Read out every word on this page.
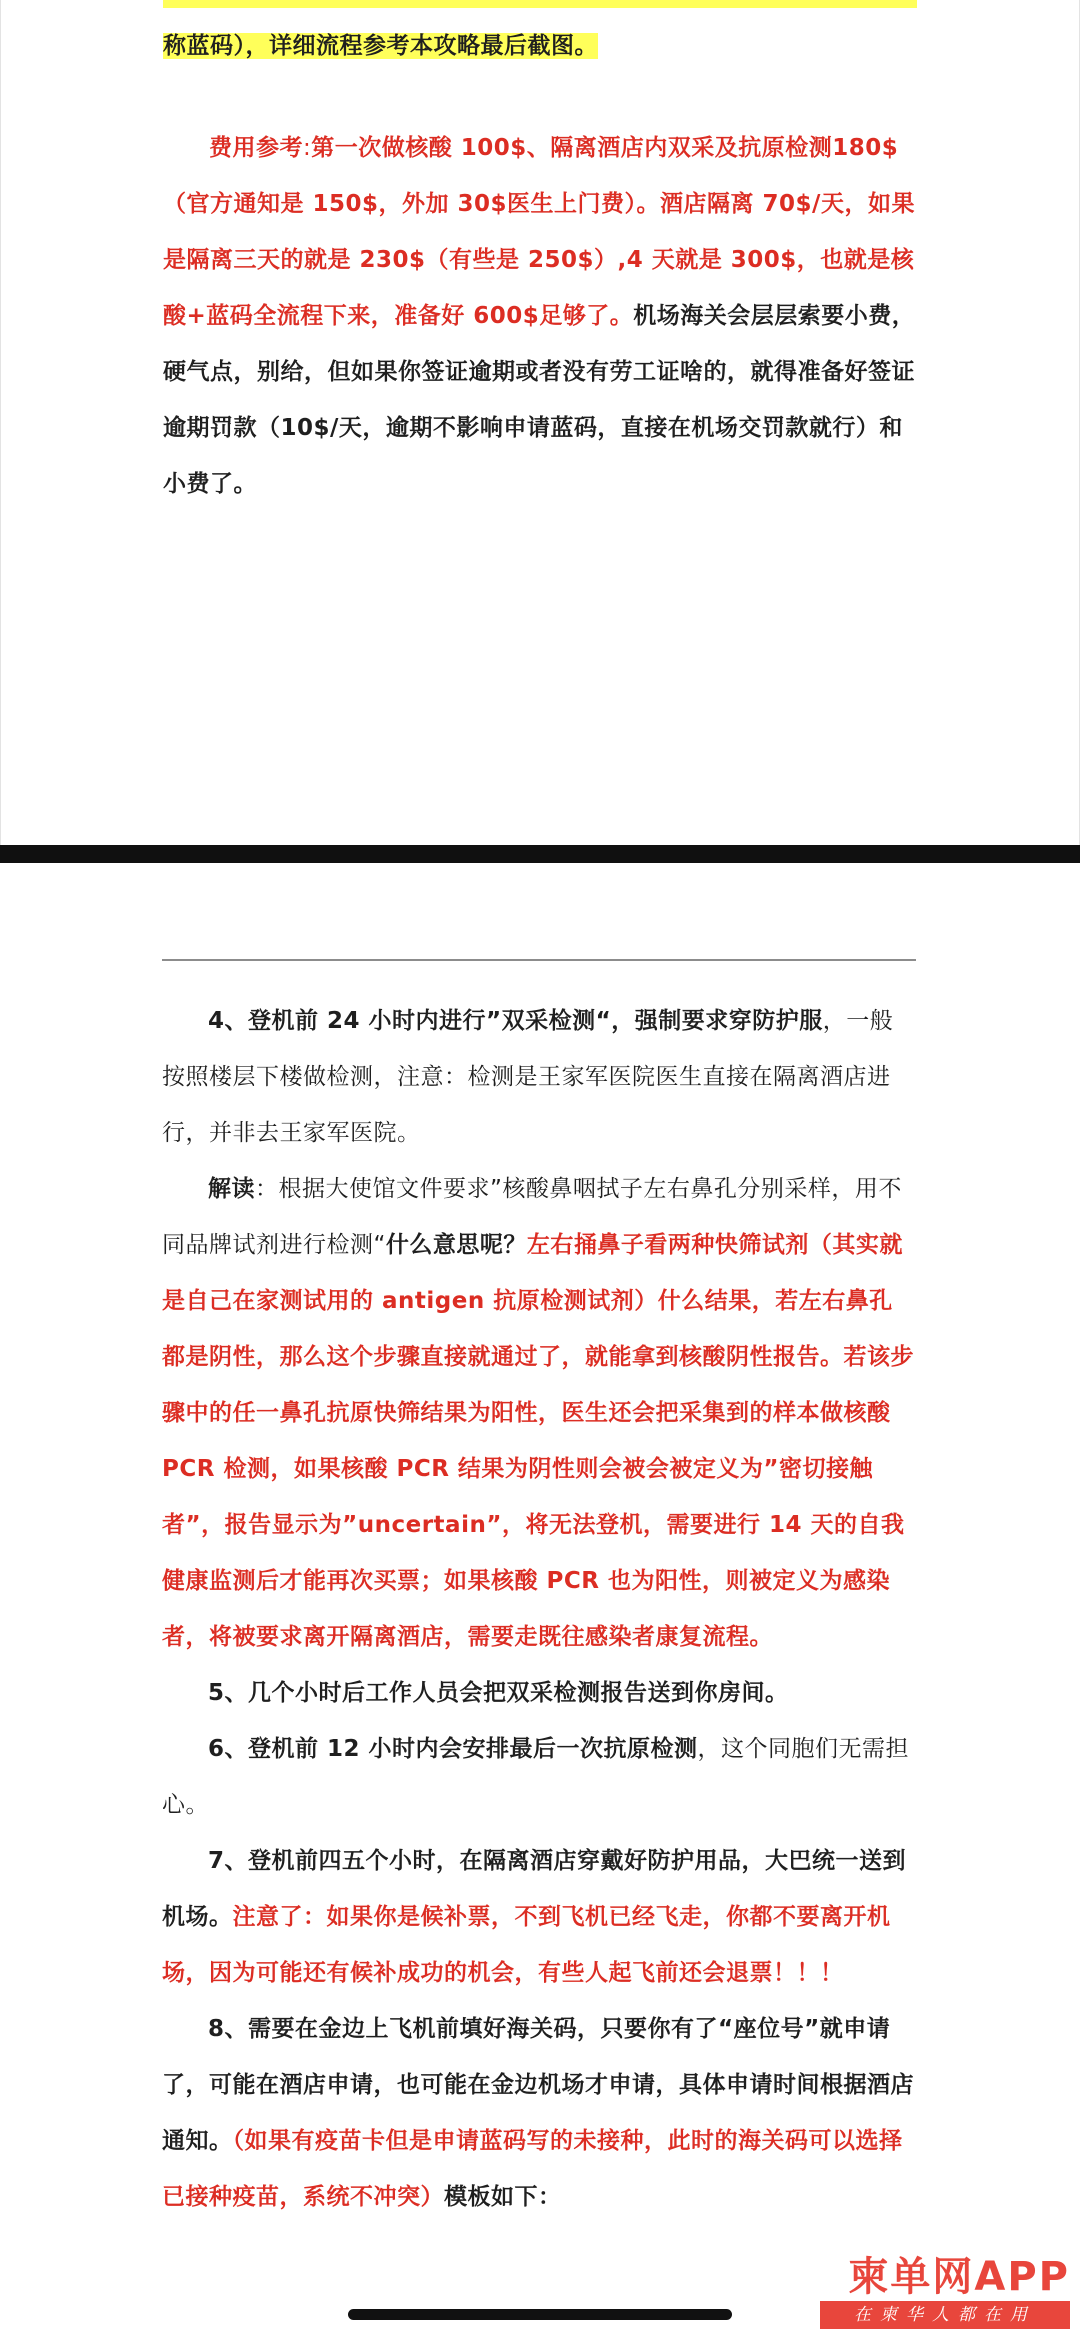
称蓝码），详细流程参考本攻略最后截图。

费用参考:第一次做核酸 100$、隔离酒店内双采及抗原检测180$（官方通知是 150$，外加 30$医生上门费）。酒店隔离 70$/天，如果是隔离三天的就是 230$（有些是 250$）,4 天就是 300$，也就是核酸+蓝码全流程下来，准备好 600$足够了。机场海关会层层索要小费，硬气点，别给，但如果你签证逾期或者没有劳工证啥的，就得准备好签证逾期罚款（10$/天，逾期不影响申请蓝码，直接在机场交罚款就行）和小费了。

4、登机前 24 小时内进行”双采检测“，强制要求穿防护服，一般按照楼层下楼做检测，注意：检测是王家军医院医生直接在隔离酒店进行，并非去王家军医院。

解读：根据大使馆文件要求”核酸鼻咽拭子左右鼻孔分别采样，用不同品牌试剂进行检测“什么意思呢？左右捅鼻子看两种快筛试剂（其实就是自己在家测试用的 antigen 抗原检测试剂）什么结果，若左右鼻孔都是阴性，那么这个步骤直接就通过了，就能拿到核酸阴性报告。若该步骤中的任一鼻孔抗原快筛结果为阳性，医生还会把采集到的样本做核酸 PCR 检测，如果核酸 PCR 结果为阴性则会被会被定义为”密切接触者”，报告显示为”uncertain”，将无法登机，需要进行 14 天的自我健康监测后才能再次买票；如果核酸 PCR 也为阳性，则被定义为感染者，将被要求离开隔离酒店，需要走既往感染者康复流程。

5、几个小时后工作人员会把双采检测报告送到你房间。

6、登机前 12 小时内会安排最后一次抗原检测，这个同胞们无需担心。

7、登机前四五个小时，在隔离酒店穿戴好防护用品，大巴统一送到机场。注意了：如果你是候补票，不到飞机已经飞走，你都不要离开机场，因为可能还有候补成功的机会，有些人起飞前还会退票！！！

8、需要在金边上飞机前填好海关码，只要你有了“座位号”就申请了，可能在酒店申请，也可能在金边机场才申请，具体申请时间根据酒店通知。（如果有疫苗卡但是申请蓝码写的未接种，此时的海关码可以选择已接种疫苗，系统不冲突）模板如下：

柬单网APP
在柬华人都在用
